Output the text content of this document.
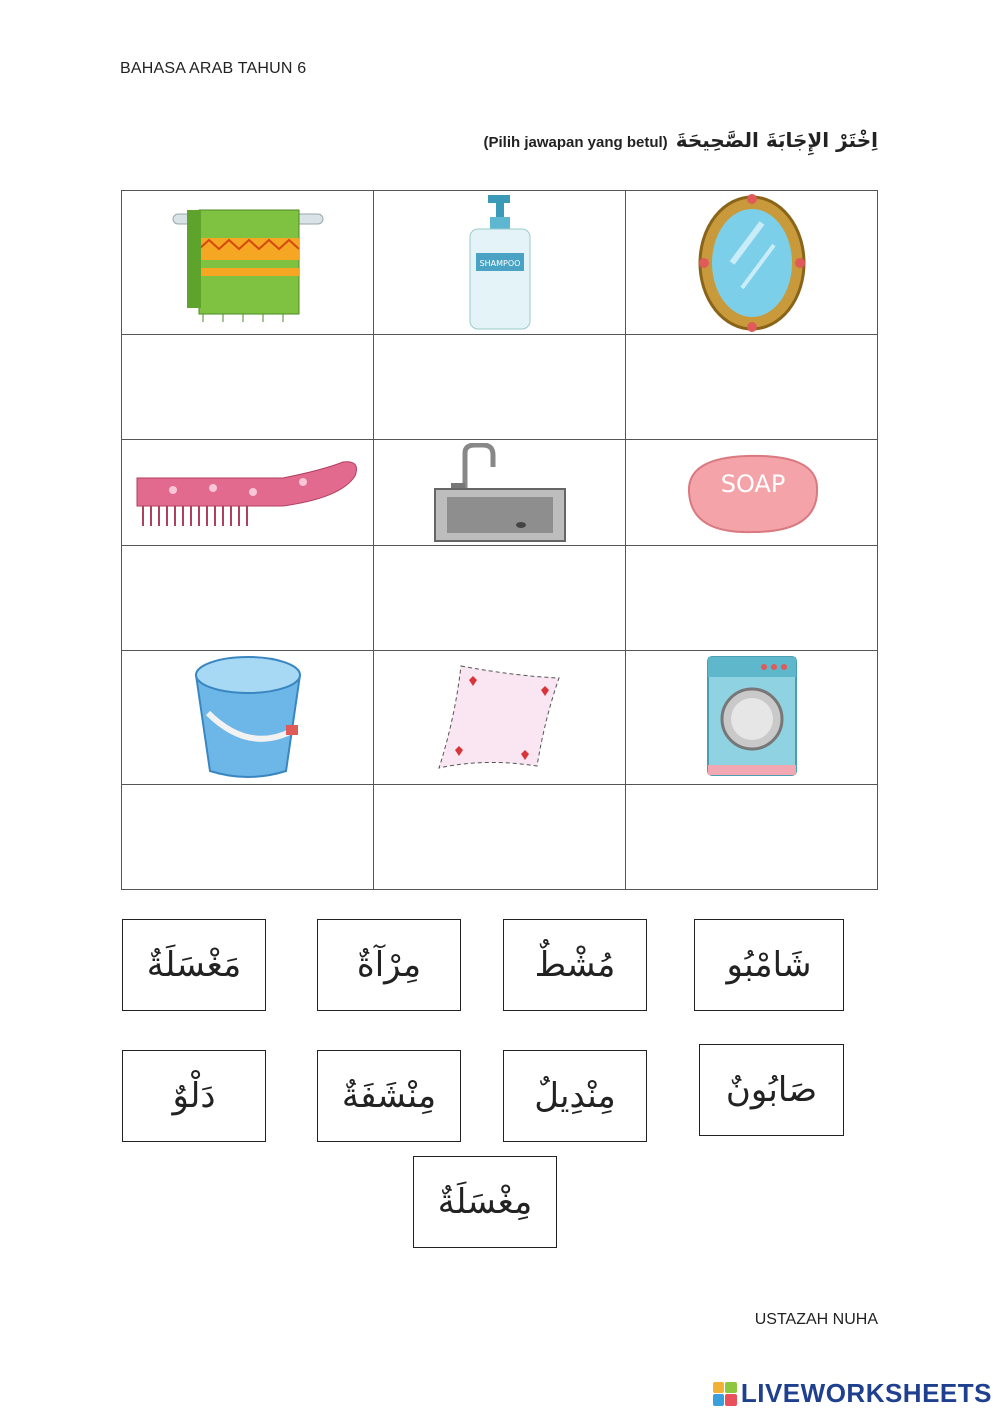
BAHASA ARAB TAHUN 6
(Pilih jawapan yang betul) اِخْتَرْ الإِجَابَةَ الصَّحِيحَةَ

SHAMPOO

SOAP

مَغْسَلَةٌ	مِرْآةٌ	مُشْطٌ	شَامْبُو
دَلْوٌ	مِنْشَفَةٌ	مِنْدِيلٌ	صَابُونٌ
مِغْسَلَةٌ
USTAZAH NUHA
LIVEWORKSHEETS
